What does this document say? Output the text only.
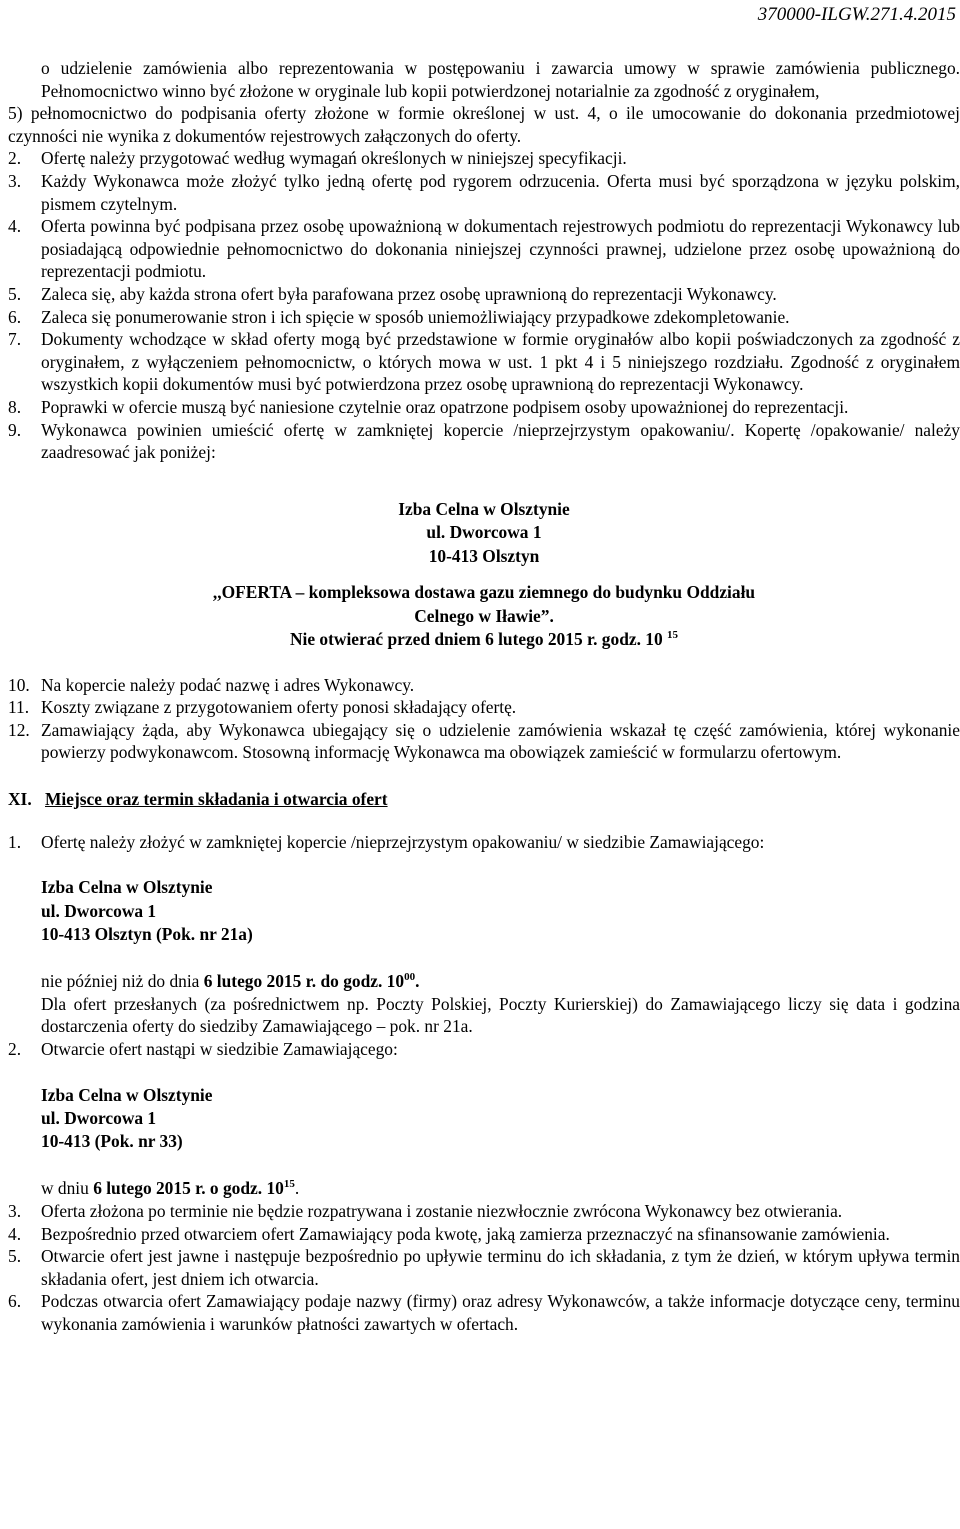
370000-ILGW.271.4.2015
o udzielenie zamówienia albo reprezentowania w postępowaniu i zawarcia umowy w sprawie zamówienia publicznego. Pełnomocnictwo winno być złożone w oryginale lub kopii potwierdzonej notarialnie za zgodność z oryginałem,
5) pełnomocnictwo do podpisania oferty złożone w formie określonej w ust. 4, o ile umocowanie do dokonania przedmiotowej czynności nie wynika z dokumentów rejestrowych załączonych do oferty.
2. Ofertę należy przygotować według wymagań określonych w niniejszej specyfikacji.
3. Każdy Wykonawca może złożyć tylko jedną ofertę pod rygorem odrzucenia. Oferta musi być sporządzona w języku polskim, pismem czytelnym.
4. Oferta powinna być podpisana przez osobę upoważnioną w dokumentach rejestrowych podmiotu do reprezentacji Wykonawcy lub posiadającą odpowiednie pełnomocnictwo do dokonania niniejszej czynności prawnej, udzielone przez osobę upoważnioną do reprezentacji podmiotu.
5. Zaleca się, aby każda strona ofert była parafowana przez osobę uprawnioną do reprezentacji Wykonawcy.
6. Zaleca się ponumerowanie stron i ich spięcie w sposób uniemożliwiający przypadkowe zdekompletowanie.
7. Dokumenty wchodzące w skład oferty mogą być przedstawione w formie oryginałów albo kopii poświadczonych za zgodność z oryginałem, z wyłączeniem pełnomocnictw, o których mowa w ust. 1 pkt 4 i 5 niniejszego rozdziału. Zgodność z oryginałem wszystkich kopii dokumentów musi być potwierdzona przez osobę uprawnioną do reprezentacji Wykonawcy.
8. Poprawki w ofercie muszą być naniesione czytelnie oraz opatrzone podpisem osoby upoważnionej do reprezentacji.
9. Wykonawca powinien umieścić ofertę w zamkniętej kopercie /nieprzejrzystym opakowaniu/. Kopertę /opakowanie/ należy zaadresować jak poniżej:

Izba Celna w Olsztynie

ul. Dworcowa 1

10-413 Olsztyn

,,OFERTA – kompleksowa dostawa gazu ziemnego do budynku Oddziału

Celnego w Iławie”.

Nie otwierać przed dniem 6 lutego 2015 r. godz. 10 $^{15}$

10. Na kopercie należy podać nazwę i adres Wykonawcy.
11. Koszty związane z przygotowaniem oferty ponosi składający ofertę.
12. Zamawiający żąda, aby Wykonawca ubiegający się o udzielenie zamówienia wskazał tę część zamówienia, której wykonanie powierzy podwykonawcom. Stosowną informację Wykonawca ma obowiązek zamieścić w formularzu ofertowym.
XI. Miejsce oraz termin składania i otwarcia ofert
1. Ofertę należy złożyć w zamkniętej kopercie /nieprzejrzystym opakowaniu/ w siedzibie Zamawiającego:

Izba Celna w Olsztynie

ul. Dworcowa 1

10-413 Olsztyn (Pok. nr 21a)

nie później niż do dnia 6 lutego 2015 r. do godz. $10^{00}$.
Dla ofert przesłanych (za pośrednictwem np. Poczty Polskiej, Poczty Kurierskiej) do Zamawiającego liczy się data i godzina dostarczenia oferty do siedziby Zamawiającego – pok. nr 21a.
2. Otwarcie ofert nastąpi w siedzibie Zamawiającego:

Izba Celna w Olsztynie

ul. Dworcowa 1

10-413 (Pok. nr 33)

w dniu 6 lutego 2015 r. o godz. $10^{15}$.
3. Oferta złożona po terminie nie będzie rozpatrywana i zostanie niezwłocznie zwrócona Wykonawcy bez otwierania.
4. Bezpośrednio przed otwarciem ofert Zamawiający poda kwotę, jaką zamierza przeznaczyć na sfinansowanie zamówienia.
5. Otwarcie ofert jest jawne i następuje bezpośrednio po upływie terminu do ich składania, z tym że dzień, w którym upływa termin składania ofert, jest dniem ich otwarcia.
6. Podczas otwarcia ofert Zamawiający podaje nazwy (firmy) oraz adresy Wykonawców, a także informacje dotyczące ceny, terminu wykonania zamówienia i warunków płatności zawartych w ofertach.
